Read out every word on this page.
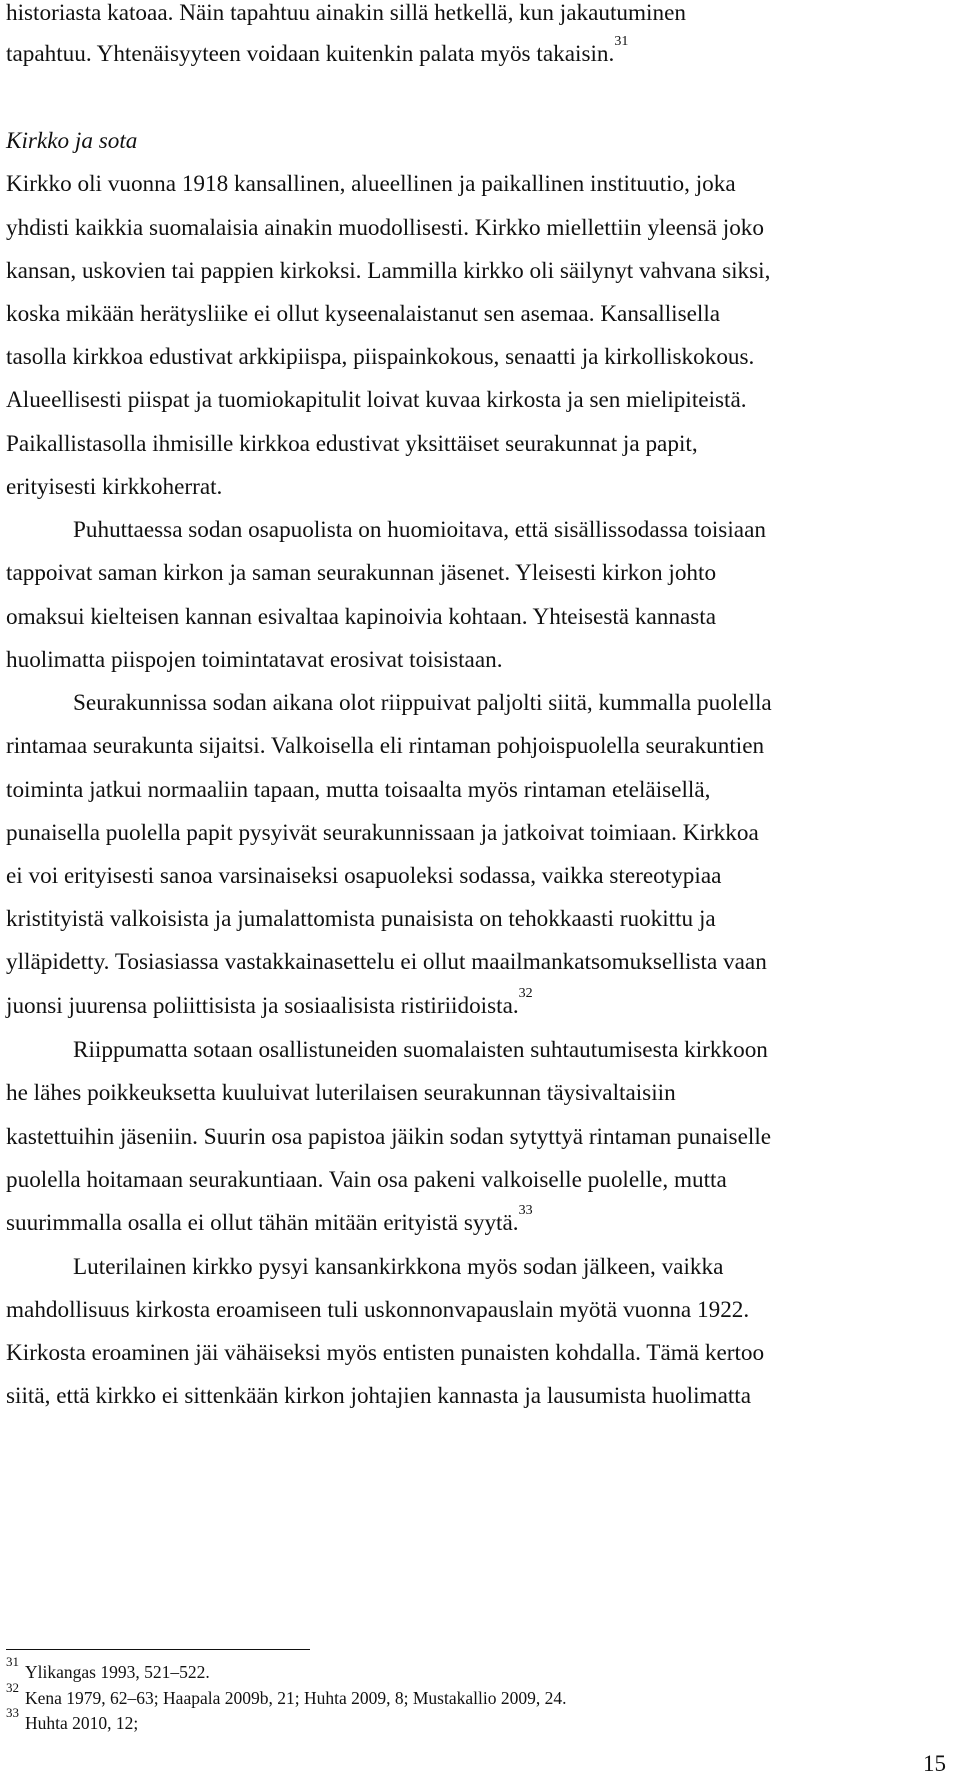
historiasta katoaa. Näin tapahtuu ainakin sillä hetkellä, kun jakautuminen

tapahtuu. Yhtenäisyyteen voidaan kuitenkin palata myös takaisin.$^{31}$

Kirkko ja sota

Kirkko oli vuonna 1918 kansallinen, alueellinen ja paikallinen instituutio, joka

yhdisti kaikkia suomalaisia ainakin muodollisesti. Kirkko miellettiin yleensä joko

kansan, uskovien tai pappien kirkoksi. Lammilla kirkko oli säilynyt vahvana siksi,

koska mikään herätysliike ei ollut kyseenalaistanut sen asemaa. Kansallisella

tasolla kirkkoa edustivat arkkipiispa, piispainkokous, senaatti ja kirkolliskokous.

Alueellisesti piispat ja tuomiokapitulit loivat kuvaa kirkosta ja sen mielipiteistä.

Paikallistasolla ihmisille kirkkoa edustivat yksittäiset seurakunnat ja papit,

erityisesti kirkkoherrat.

Puhuttaessa sodan osapuolista on huomioitava, että sisällissodassa toisiaan

tappoivat saman kirkon ja saman seurakunnan jäsenet. Yleisesti kirkon johto

omaksui kielteisen kannan esivaltaa kapinoivia kohtaan. Yhteisestä kannasta

huolimatta piispojen toimintatavat erosivat toisistaan.

Seurakunnissa sodan aikana olot riippuivat paljolti siitä, kummalla puolella

rintamaa seurakunta sijaitsi. Valkoisella eli rintaman pohjoispuolella seurakuntien

toiminta jatkui normaaliin tapaan, mutta toisaalta myös rintaman eteläisellä,

punaisella puolella papit pysyivät seurakunnissaan ja jatkoivat toimiaan. Kirkkoa

ei voi erityisesti sanoa varsinaiseksi osapuoleksi sodassa, vaikka stereotypiaa

kristityistä valkoisista ja jumalattomista punaisista on tehokkaasti ruokittu ja

ylläpidetty. Tosiasiassa vastakkainasettelu ei ollut maailmankatsomuksellista vaan

juonsi juurensa poliittisista ja sosiaalisista ristiriidoista.$^{32}$

Riippumatta sotaan osallistuneiden suomalaisten suhtautumisesta kirkkoon

he lähes poikkeuksetta kuuluivat luterilaisen seurakunnan täysivaltaisiin

kastettuihin jäseniin. Suurin osa papistoa jäikin sodan sytyttyä rintaman punaiselle

puolella hoitamaan seurakuntiaan. Vain osa pakeni valkoiselle puolelle, mutta

suurimmalla osalla ei ollut tähän mitään erityistä syytä.$^{33}$

Luterilainen kirkko pysyi kansankirkkona myös sodan jälkeen, vaikka

mahdollisuus kirkosta eroamiseen tuli uskonnonvapauslain myötä vuonna 1922.

Kirkosta eroaminen jäi vähäiseksi myös entisten punaisten kohdalla. Tämä kertoo

siitä, että kirkko ei sittenkään kirkon johtajien kannasta ja lausumista huolimatta

$^{31}$Ylikangas 1993, 521–522.

$^{32}$Kena 1979, 62–63; Haapala 2009b, 21; Huhta 2009, 8; Mustakallio 2009, 24.

$^{33}$Huhta 2010, 12;

15
